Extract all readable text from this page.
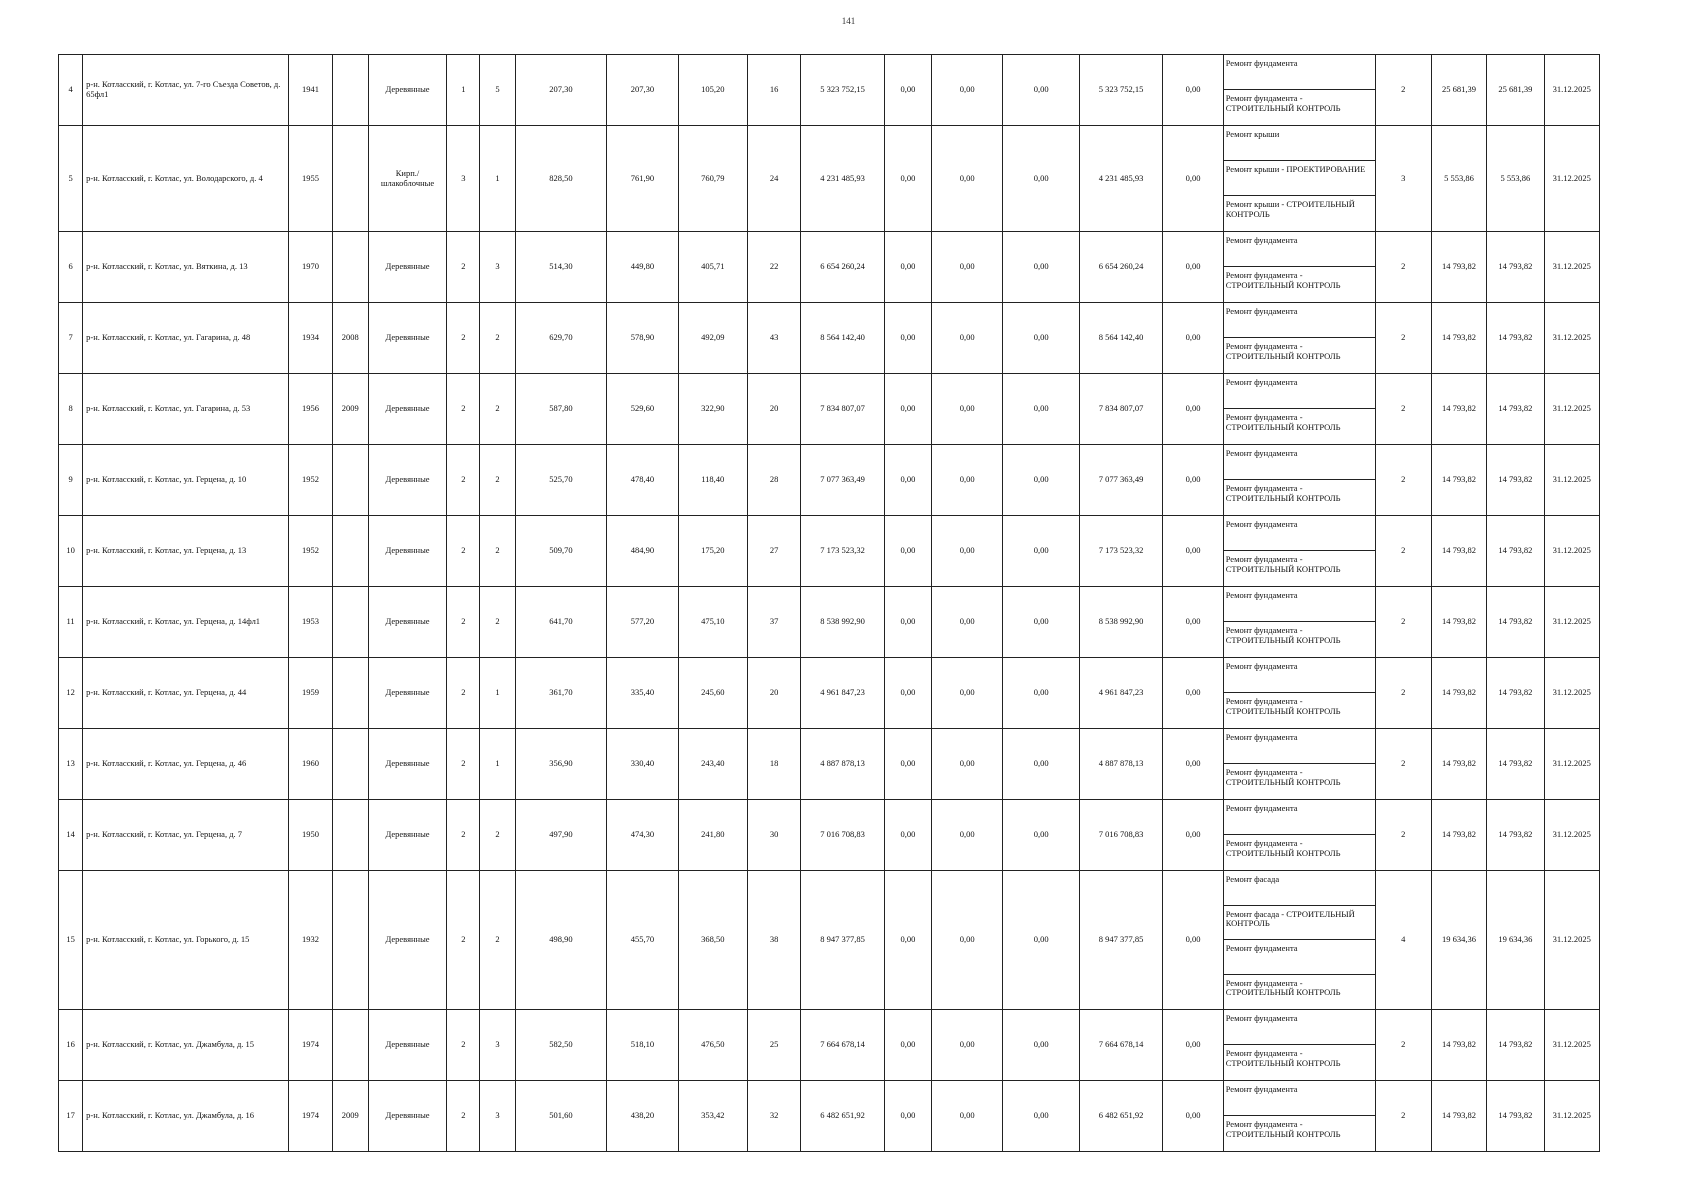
141
4	р-н. Котласский, г. Котлас, ул. 7-го Съезда Советов, д. 65фл1	1941		Деревянные	1	5	207,30	207,30	105,20	16	5 323 752,15	0,00	0,00	0,00	5 323 752,15	0,00	Ремонт фундамента
Ремонт фундамента - СТРОИТЕЛЬНЫЙ КОНТРОЛЬ	2	25 681,39	25 681,39	31.12.2025
5	р-н. Котласский, г. Котлас, ул. Володарского, д. 4	1955		Кирп./ шлакоблочные	3	1	828,50	761,90	760,79	24	4 231 485,93	0,00	0,00	0,00	4 231 485,93	0,00	Ремонт крыши
Ремонт крыши - ПРОЕКТИРОВАНИЕ
Ремонт крыши - СТРОИТЕЛЬНЫЙ КОНТРОЛЬ	3	5 553,86	5 553,86	31.12.2025
6	р-н. Котласский, г. Котлас, ул. Вяткина, д. 13	1970		Деревянные	2	3	514,30	449,80	405,71	22	6 654 260,24	0,00	0,00	0,00	6 654 260,24	0,00	Ремонт фундамента
Ремонт фундамента - СТРОИТЕЛЬНЫЙ КОНТРОЛЬ	2	14 793,82	14 793,82	31.12.2025
7	р-н. Котласский, г. Котлас, ул. Гагарина, д. 48	1934	2008	Деревянные	2	2	629,70	578,90	492,09	43	8 564 142,40	0,00	0,00	0,00	8 564 142,40	0,00	Ремонт фундамента
Ремонт фундамента - СТРОИТЕЛЬНЫЙ КОНТРОЛЬ	2	14 793,82	14 793,82	31.12.2025
8	р-н. Котласский, г. Котлас, ул. Гагарина, д. 53	1956	2009	Деревянные	2	2	587,80	529,60	322,90	20	7 834 807,07	0,00	0,00	0,00	7 834 807,07	0,00	Ремонт фундамента
Ремонт фундамента - СТРОИТЕЛЬНЫЙ КОНТРОЛЬ	2	14 793,82	14 793,82	31.12.2025
9	р-н. Котласский, г. Котлас, ул. Герцена, д. 10	1952		Деревянные	2	2	525,70	478,40	118,40	28	7 077 363,49	0,00	0,00	0,00	7 077 363,49	0,00	Ремонт фундамента
Ремонт фундамента - СТРОИТЕЛЬНЫЙ КОНТРОЛЬ	2	14 793,82	14 793,82	31.12.2025
10	р-н. Котласский, г. Котлас, ул. Герцена, д. 13	1952		Деревянные	2	2	509,70	484,90	175,20	27	7 173 523,32	0,00	0,00	0,00	7 173 523,32	0,00	Ремонт фундамента
Ремонт фундамента - СТРОИТЕЛЬНЫЙ КОНТРОЛЬ	2	14 793,82	14 793,82	31.12.2025
11	р-н. Котласский, г. Котлас, ул. Герцена, д. 14фл1	1953		Деревянные	2	2	641,70	577,20	475,10	37	8 538 992,90	0,00	0,00	0,00	8 538 992,90	0,00	Ремонт фундамента
Ремонт фундамента - СТРОИТЕЛЬНЫЙ КОНТРОЛЬ	2	14 793,82	14 793,82	31.12.2025
12	р-н. Котласский, г. Котлас, ул. Герцена, д. 44	1959		Деревянные	2	1	361,70	335,40	245,60	20	4 961 847,23	0,00	0,00	0,00	4 961 847,23	0,00	Ремонт фундамента
Ремонт фундамента - СТРОИТЕЛЬНЫЙ КОНТРОЛЬ	2	14 793,82	14 793,82	31.12.2025
13	р-н. Котласский, г. Котлас, ул. Герцена, д. 46	1960		Деревянные	2	1	356,90	330,40	243,40	18	4 887 878,13	0,00	0,00	0,00	4 887 878,13	0,00	Ремонт фундамента
Ремонт фундамента - СТРОИТЕЛЬНЫЙ КОНТРОЛЬ	2	14 793,82	14 793,82	31.12.2025
14	р-н. Котласский, г. Котлас, ул. Герцена, д. 7	1950		Деревянные	2	2	497,90	474,30	241,80	30	7 016 708,83	0,00	0,00	0,00	7 016 708,83	0,00	Ремонт фундамента
Ремонт фундамента - СТРОИТЕЛЬНЫЙ КОНТРОЛЬ	2	14 793,82	14 793,82	31.12.2025
15	р-н. Котласский, г. Котлас, ул. Горького, д. 15	1932		Деревянные	2	2	498,90	455,70	368,50	38	8 947 377,85	0,00	0,00	0,00	8 947 377,85	0,00	Ремонт фасада
Ремонт фасада - СТРОИТЕЛЬНЫЙ КОНТРОЛЬ
Ремонт фундамента
Ремонт фундамента - СТРОИТЕЛЬНЫЙ КОНТРОЛЬ	4	19 634,36	19 634,36	31.12.2025
16	р-н. Котласский, г. Котлас, ул. Джамбула, д. 15	1974		Деревянные	2	3	582,50	518,10	476,50	25	7 664 678,14	0,00	0,00	0,00	7 664 678,14	0,00	Ремонт фундамента
Ремонт фундамента - СТРОИТЕЛЬНЫЙ КОНТРОЛЬ	2	14 793,82	14 793,82	31.12.2025
17	р-н. Котласский, г. Котлас, ул. Джамбула, д. 16	1974	2009	Деревянные	2	3	501,60	438,20	353,42	32	6 482 651,92	0,00	0,00	0,00	6 482 651,92	0,00	Ремонт фундамента
Ремонт фундамента - СТРОИТЕЛЬНЫЙ КОНТРОЛЬ	2	14 793,82	14 793,82	31.12.2025
